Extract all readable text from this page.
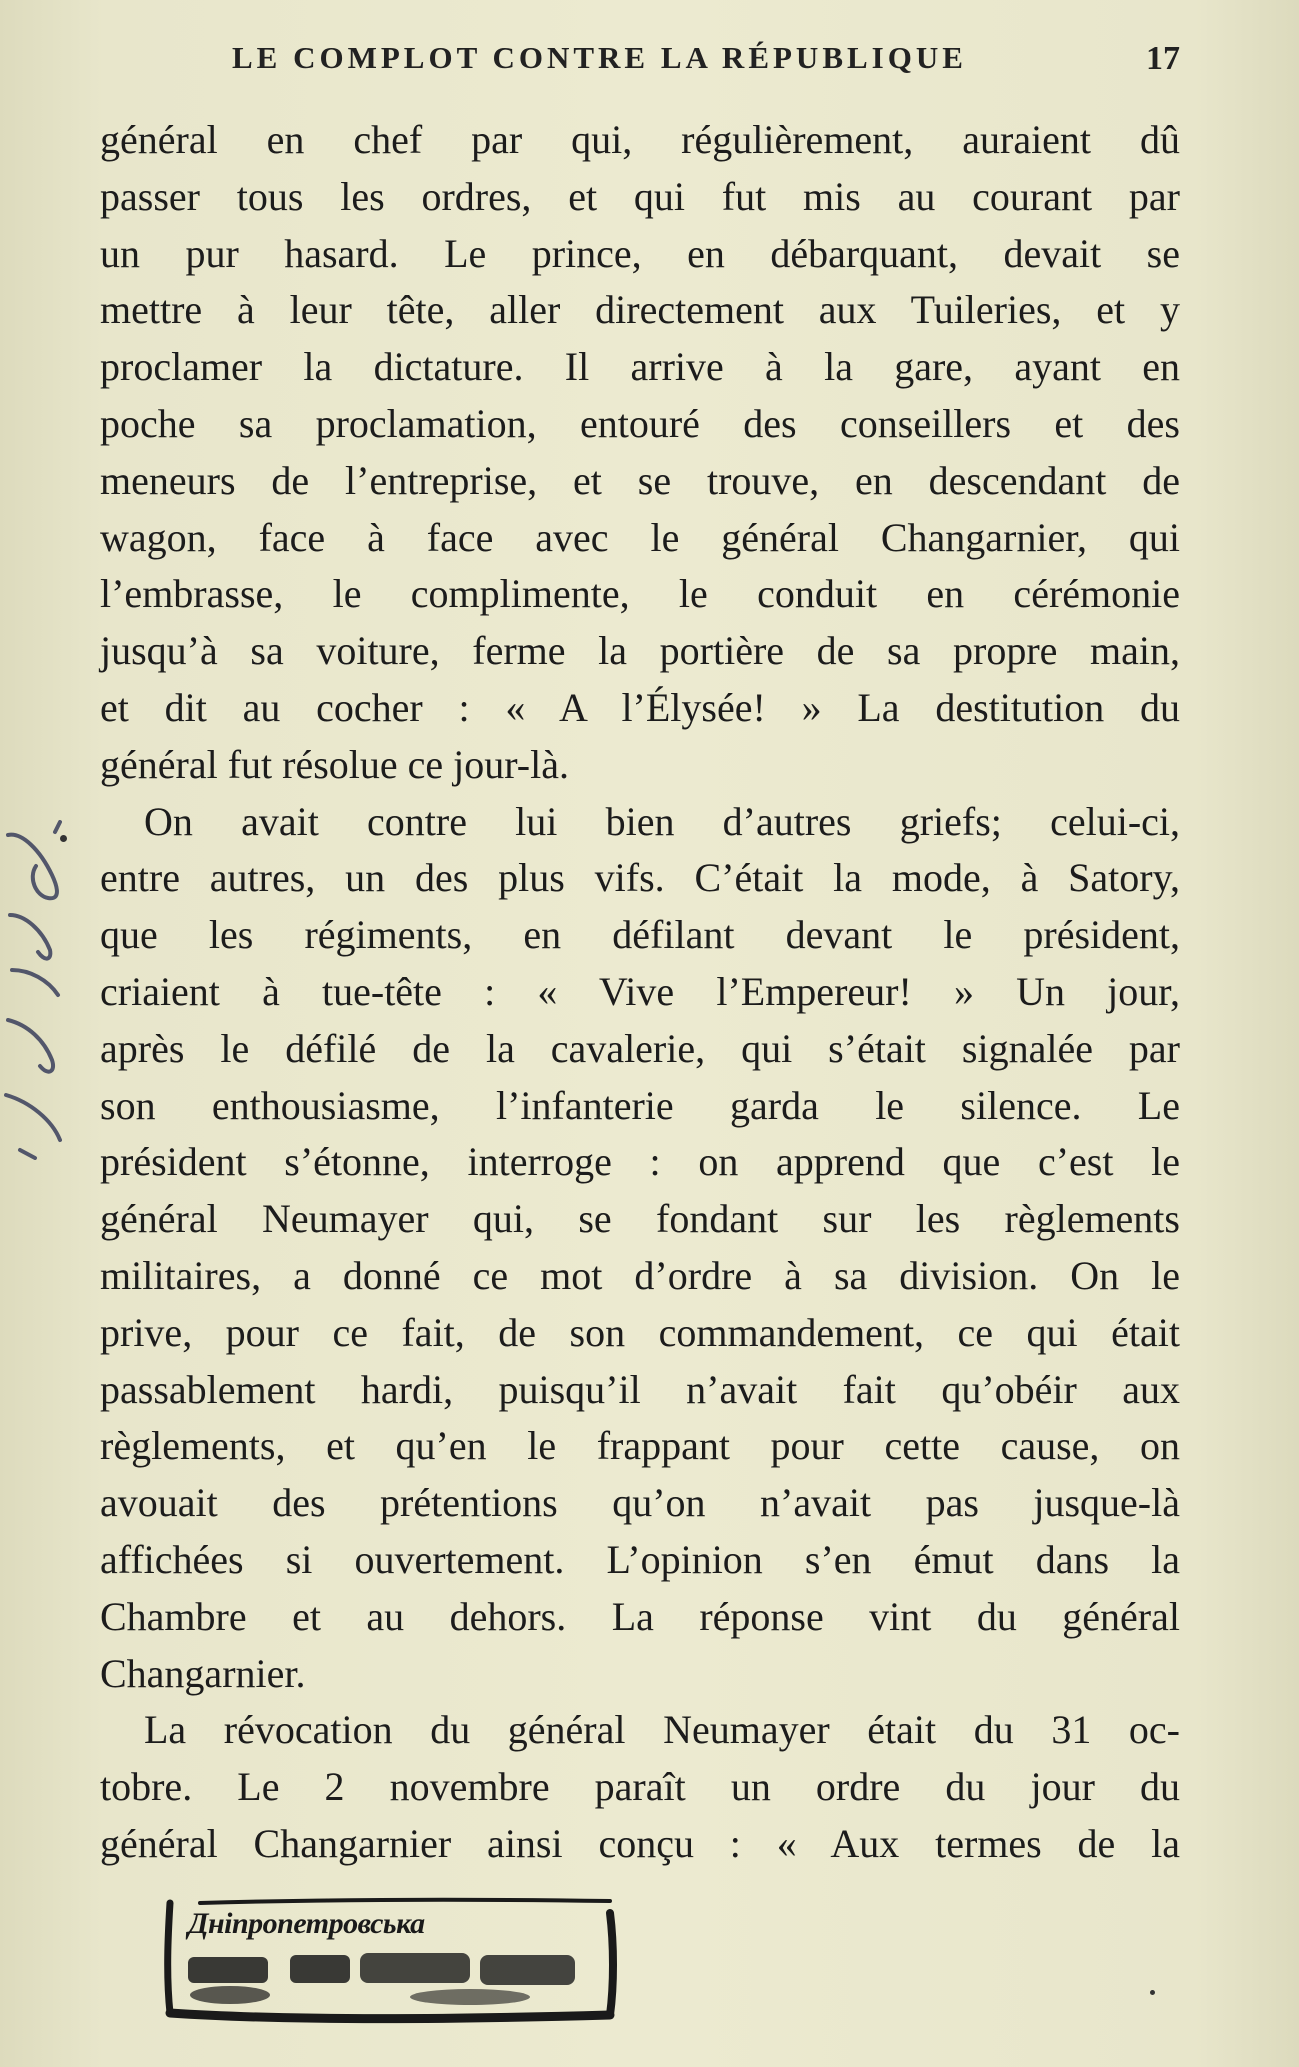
LE COMPLOT CONTRE LA RÉPUBLIQUE	17
général en chef par qui, régulièrement, auraient dû
passer tous les ordres, et qui fut mis au courant par
un pur hasard. Le prince, en débarquant, devait se
mettre à leur tête, aller directement aux Tuileries, et y
proclamer la dictature. Il arrive à la gare, ayant en
poche sa proclamation, entouré des conseillers et des
meneurs de l’entreprise, et se trouve, en descendant de
wagon, face à face avec le général Changarnier, qui
l’embrasse, le complimente, le conduit en cérémonie
jusqu’à sa voiture, ferme la portière de sa propre main,
et dit au cocher : « A l’Élysée! » La destitution du
général fut résolue ce jour-là.
On avait contre lui bien d’autres griefs; celui-ci,
entre autres, un des plus vifs. C’était la mode, à Satory,
que les régiments, en défilant devant le président,
criaient à tue-tête : « Vive l’Empereur! » Un jour,
après le défilé de la cavalerie, qui s’était signalée par
son enthousiasme, l’infanterie garda le silence. Le
président s’étonne, interroge : on apprend que c’est le
général Neumayer qui, se fondant sur les règlements
militaires, a donné ce mot d’ordre à sa division. On le
prive, pour ce fait, de son commandement, ce qui était
passablement hardi, puisqu’il n’avait fait qu’obéir aux
règlements, et qu’en le frappant pour cette cause, on
avouait des prétentions qu’on n’avait pas jusque-là
affichées si ouvertement. L’opinion s’en émut dans la
Chambre et au dehors. La réponse vint du général
Changarnier.
La révocation du général Neumayer était du 31 oc-
tobre. Le 2 novembre paraît un ordre du jour du
général Changarnier ainsi conçu : « Aux termes de la
Днiпропетровська
